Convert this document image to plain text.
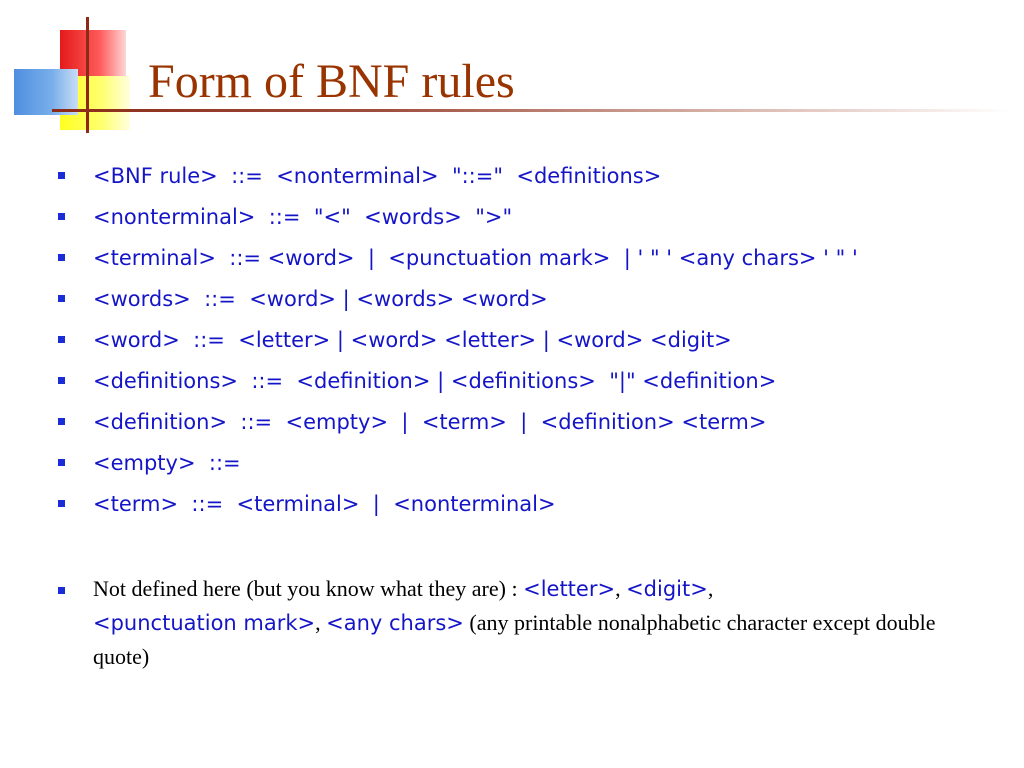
Form of BNF rules
<BNF rule>  ::=  <nonterminal>  "::="  <definitions>
<nonterminal>  ::=  "<"  <words>  ">"
<terminal>  ::= <word>  |  <punctuation mark>  | ' " ' <any chars> ' " '
<words>  ::=  <word> | <words> <word>
<word>  ::=  <letter> | <word> <letter> | <word> <digit>
<definitions>  ::=  <definition> | <definitions>  "|" <definition>
<definition>  ::=  <empty>  |  <term>  |  <definition> <term>
<empty>  ::=
<term>  ::=  <terminal>  |  <nonterminal>
Not defined here (but you know what they are) : <letter>, <digit>,
<punctuation mark>, <any chars> (any printable nonalphabetic character except double quote)
